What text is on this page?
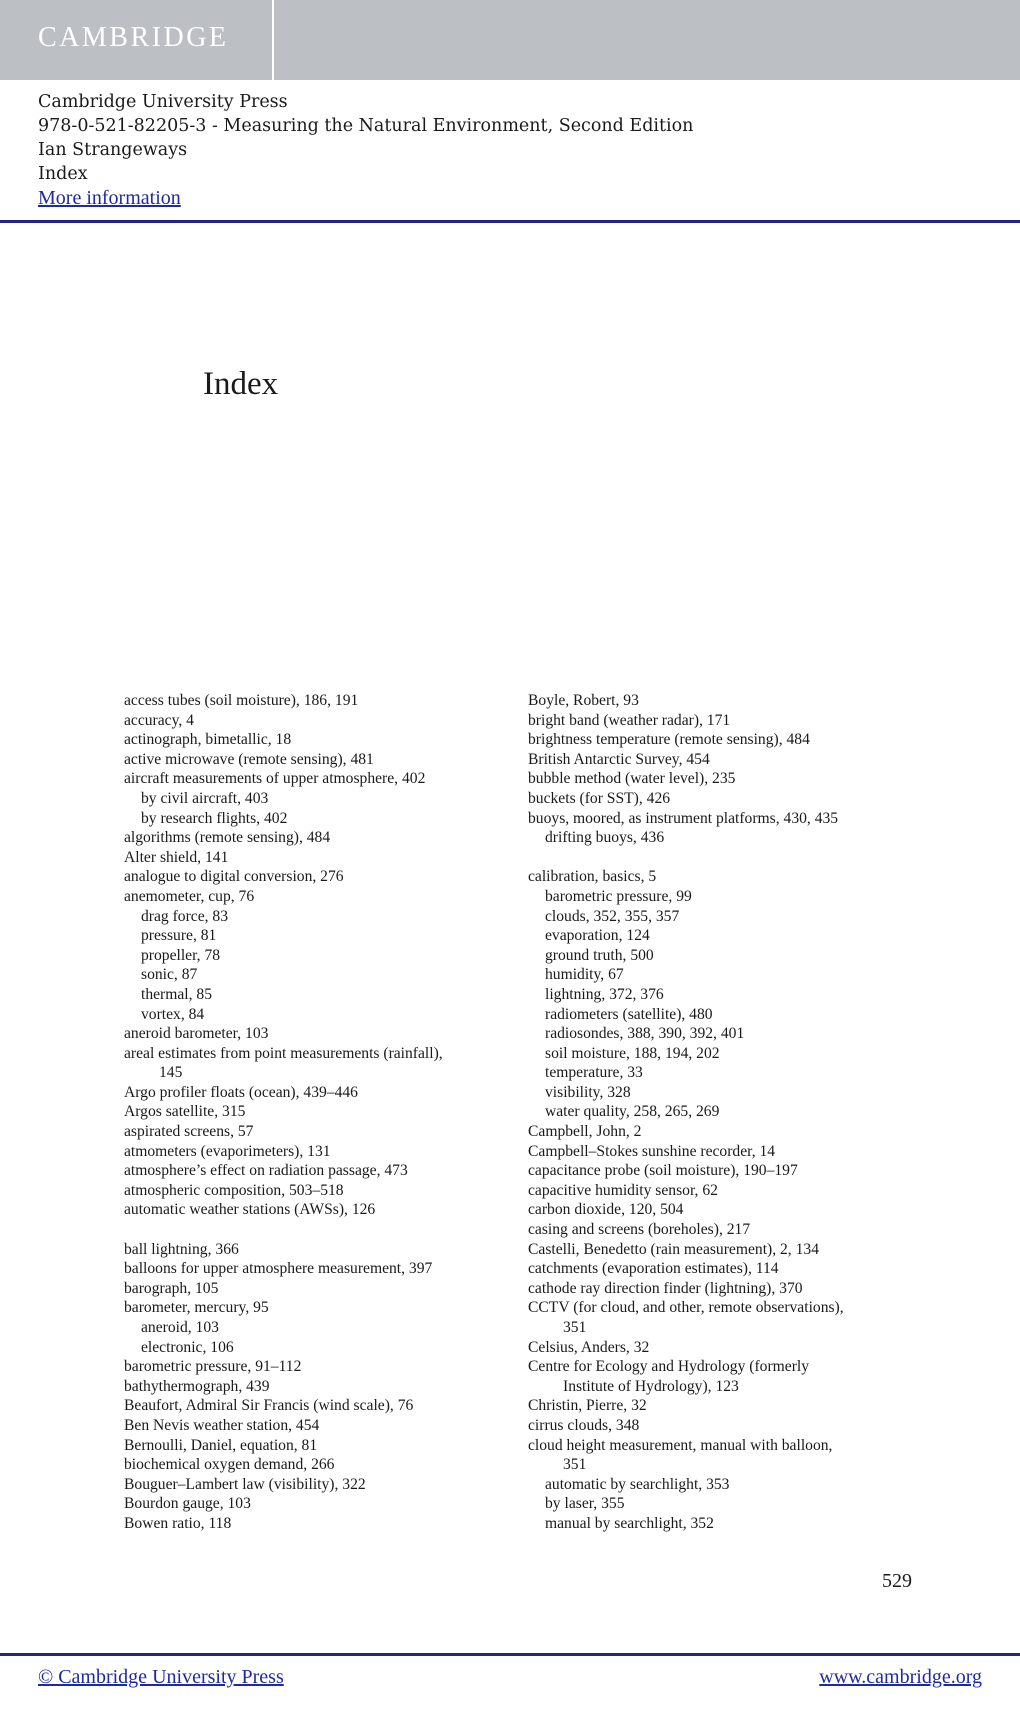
CAMBRIDGE
Cambridge University Press
978-0-521-82205-3 - Measuring the Natural Environment, Second Edition
Ian Strangeways
Index
More information
Index
access tubes (soil moisture), 186, 191
accuracy, 4
actinograph, bimetallic, 18
active microwave (remote sensing), 481
aircraft measurements of upper atmosphere, 402
by civil aircraft, 403
by research flights, 402
algorithms (remote sensing), 484
Alter shield, 141
analogue to digital conversion, 276
anemometer, cup, 76
drag force, 83
pressure, 81
propeller, 78
sonic, 87
thermal, 85
vortex, 84
aneroid barometer, 103
areal estimates from point measurements (rainfall),
145
Argo profiler floats (ocean), 439–446
Argos satellite, 315
aspirated screens, 57
atmometers (evaporimeters), 131
atmosphere’s effect on radiation passage, 473
atmospheric composition, 503–518
automatic weather stations (AWSs), 126
ball lightning, 366
balloons for upper atmosphere measurement, 397
barograph, 105
barometer, mercury, 95
aneroid, 103
electronic, 106
barometric pressure, 91–112
bathythermograph, 439
Beaufort, Admiral Sir Francis (wind scale), 76
Ben Nevis weather station, 454
Bernoulli, Daniel, equation, 81
biochemical oxygen demand, 266
Bouguer–Lambert law (visibility), 322
Bourdon gauge, 103
Bowen ratio, 118
Boyle, Robert, 93
bright band (weather radar), 171
brightness temperature (remote sensing), 484
British Antarctic Survey, 454
bubble method (water level), 235
buckets (for SST), 426
buoys, moored, as instrument platforms, 430, 435
drifting buoys, 436
calibration, basics, 5
barometric pressure, 99
clouds, 352, 355, 357
evaporation, 124
ground truth, 500
humidity, 67
lightning, 372, 376
radiometers (satellite), 480
radiosondes, 388, 390, 392, 401
soil moisture, 188, 194, 202
temperature, 33
visibility, 328
water quality, 258, 265, 269
Campbell, John, 2
Campbell–Stokes sunshine recorder, 14
capacitance probe (soil moisture), 190–197
capacitive humidity sensor, 62
carbon dioxide, 120, 504
casing and screens (boreholes), 217
Castelli, Benedetto (rain measurement), 2, 134
catchments (evaporation estimates), 114
cathode ray direction finder (lightning), 370
CCTV (for cloud, and other, remote observations),
351
Celsius, Anders, 32
Centre for Ecology and Hydrology (formerly
Institute of Hydrology), 123
Christin, Pierre, 32
cirrus clouds, 348
cloud height measurement, manual with balloon,
351
automatic by searchlight, 353
by laser, 355
manual by searchlight, 352
529
© Cambridge University Press	www.cambridge.org
